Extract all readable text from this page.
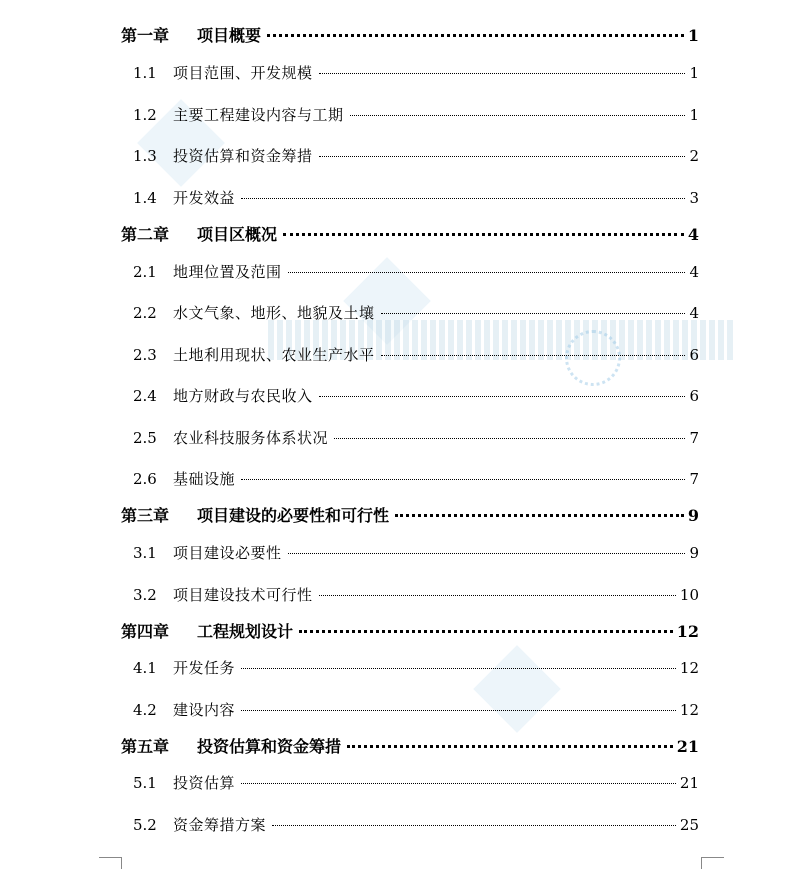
第一章	项目概要	1
1.1	项目范围、开发规模	1
1.2	主要工程建设内容与工期	1
1.3	投资估算和资金筹措	2
1.4	开发效益	3
第二章	项目区概况	4
2.1	地理位置及范围	4
2.2	水文气象、地形、地貌及土壤	4
2.3	土地利用现状、农业生产水平	6
2.4	地方财政与农民收入	6
2.5	农业科技服务体系状况	7
2.6	基础设施	7
第三章	项目建设的必要性和可行性	9
3.1	项目建设必要性	9
3.2	项目建设技术可行性	10
第四章	工程规划设计	12
4.1	开发任务	12
4.2	建设内容	12
第五章	投资估算和资金筹措	21
5.1	投资估算	21
5.2	资金筹措方案	25
